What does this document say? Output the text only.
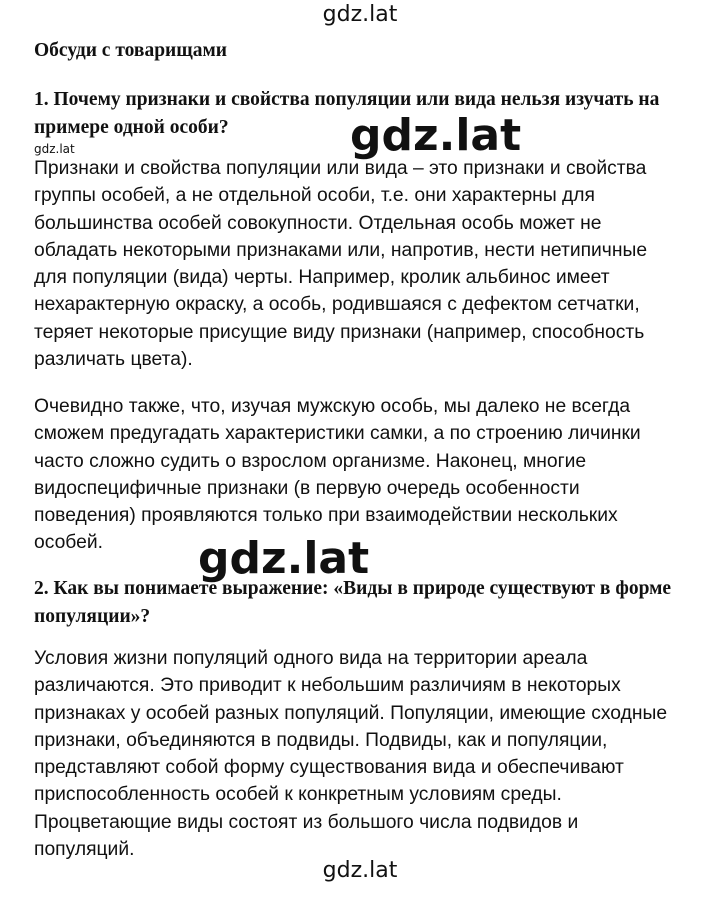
gdz.lat
Обсуди с товарищами
1. Почему признаки и свойства популяции или вида нельзя изучать на примере одной особи?
gdz.lat
Признаки и свойства популяции или вида – это признаки и свойства группы особей, а не отдельной особи, т.е. они характерны для большинства особей совокупности. Отдельная особь может не обладать некоторыми признаками или, напротив, нести нетипичные для популяции (вида) черты. Например, кролик альбинос имеет нехарактерную окраску, а особь, родившаяся с дефектом сетчатки, теряет некоторые присущие виду признаки (например, способность различать цвета).
Очевидно также, что, изучая мужскую особь, мы далеко не всегда сможем предугадать характеристики самки, а по строению личинки часто сложно судить о взрослом организме. Наконец, многие видоспецифичные признаки (в первую очередь особенности поведения) проявляются только при взаимодействии нескольких особей.
gdz.lat
2. Как вы понимаете выражение: «Виды в природе существуют в форме популяции»?
gdz.lat
Условия жизни популяций одного вида на территории ареала различаются. Это приводит к небольшим различиям в некоторых признаках у особей разных популяций. Популяции, имеющие сходные признаки, объединяются в подвиды. Подвиды, как и популяции, представляют собой форму существования вида и обеспечивают приспособленность особей к конкретным условиям среды. Процветающие виды состоят из большого числа подвидов и популяций.
gdz.lat
